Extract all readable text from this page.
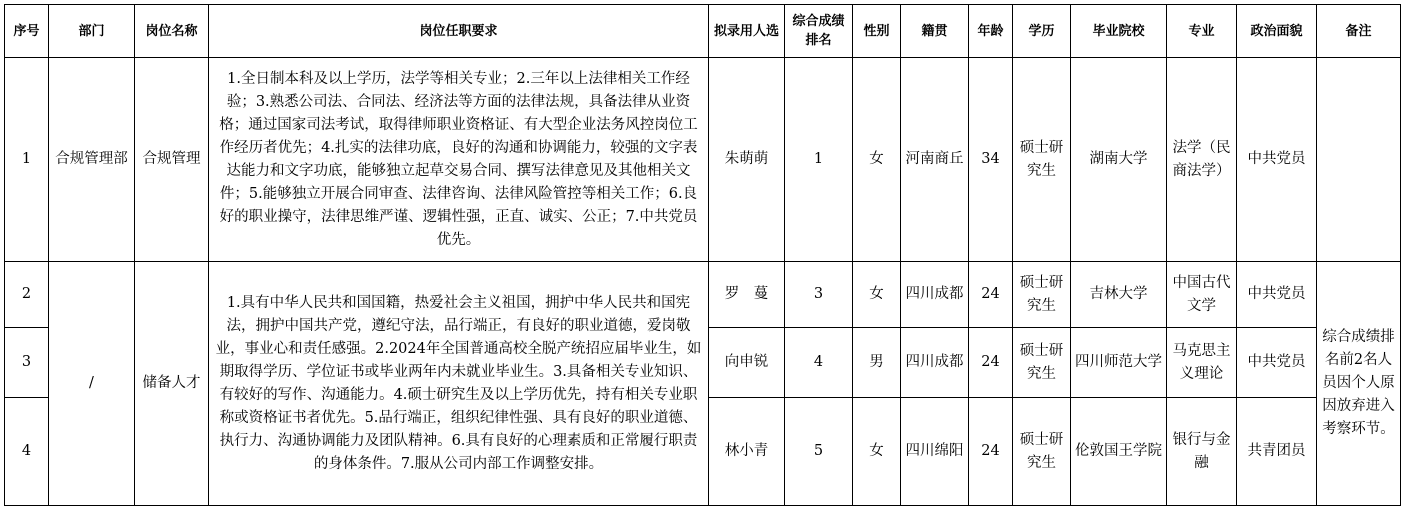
序号	部门	岗位名称	岗位任职要求	拟录用人选	综合成绩排名	性别	籍贯	年龄	学历	毕业院校	专业	政治面貌	备注
1	合规管理部	合规管理	1.全日制本科及以上学历，法学等相关专业；2.三年以上法律相关工作经验；3.熟悉公司法、合同法、经济法等方面的法律法规，具备法律从业资格；通过国家司法考试，取得律师职业资格证、有大型企业法务风控岗位工作经历者优先；4.扎实的法律功底，良好的沟通和协调能力，较强的文字表达能力和文字功底，能够独立起草交易合同、撰写法律意见及其他相关文件；5.能够独立开展合同审查、法律咨询、法律风险管控等相关工作；6.良好的职业操守，法律思维严谨、逻辑性强，正直、诚实、公正；7.中共党员优先。	朱萌萌	1	女	河南商丘	34	硕士研究生	湖南大学	法学（民商法学）	中共党员	
2	/	储备人才	1.具有中华人民共和国国籍，热爱社会主义祖国，拥护中华人民共和国宪法，拥护中国共产党，遵纪守法，品行端正，有良好的职业道德，爱岗敬业，事业心和责任感强。2.2024年全国普通高校全脱产统招应届毕业生，如期取得学历、学位证书或毕业两年内未就业毕业生。3.具备相关专业知识、有较好的写作、沟通能力。4.硕士研究生及以上学历优先，持有相关专业职称或资格证书者优先。5.品行端正，组织纪律性强、具有良好的职业道德、执行力、沟通协调能力及团队精神。6.具有良好的心理素质和正常履行职责的身体条件。7.服从公司内部工作调整安排。	罗　蔓	3	女	四川成都	24	硕士研究生	吉林大学	中国古代文学	中共党员	综合成绩排名前2名人员因个人原因放弃进入考察环节。
3				向申锐	4	男	四川成都	24	硕士研究生	四川师范大学	马克思主义理论	中共党员	
4				林小青	5	女	四川绵阳	24	硕士研究生	伦敦国王学院	银行与金融	共青团员	
